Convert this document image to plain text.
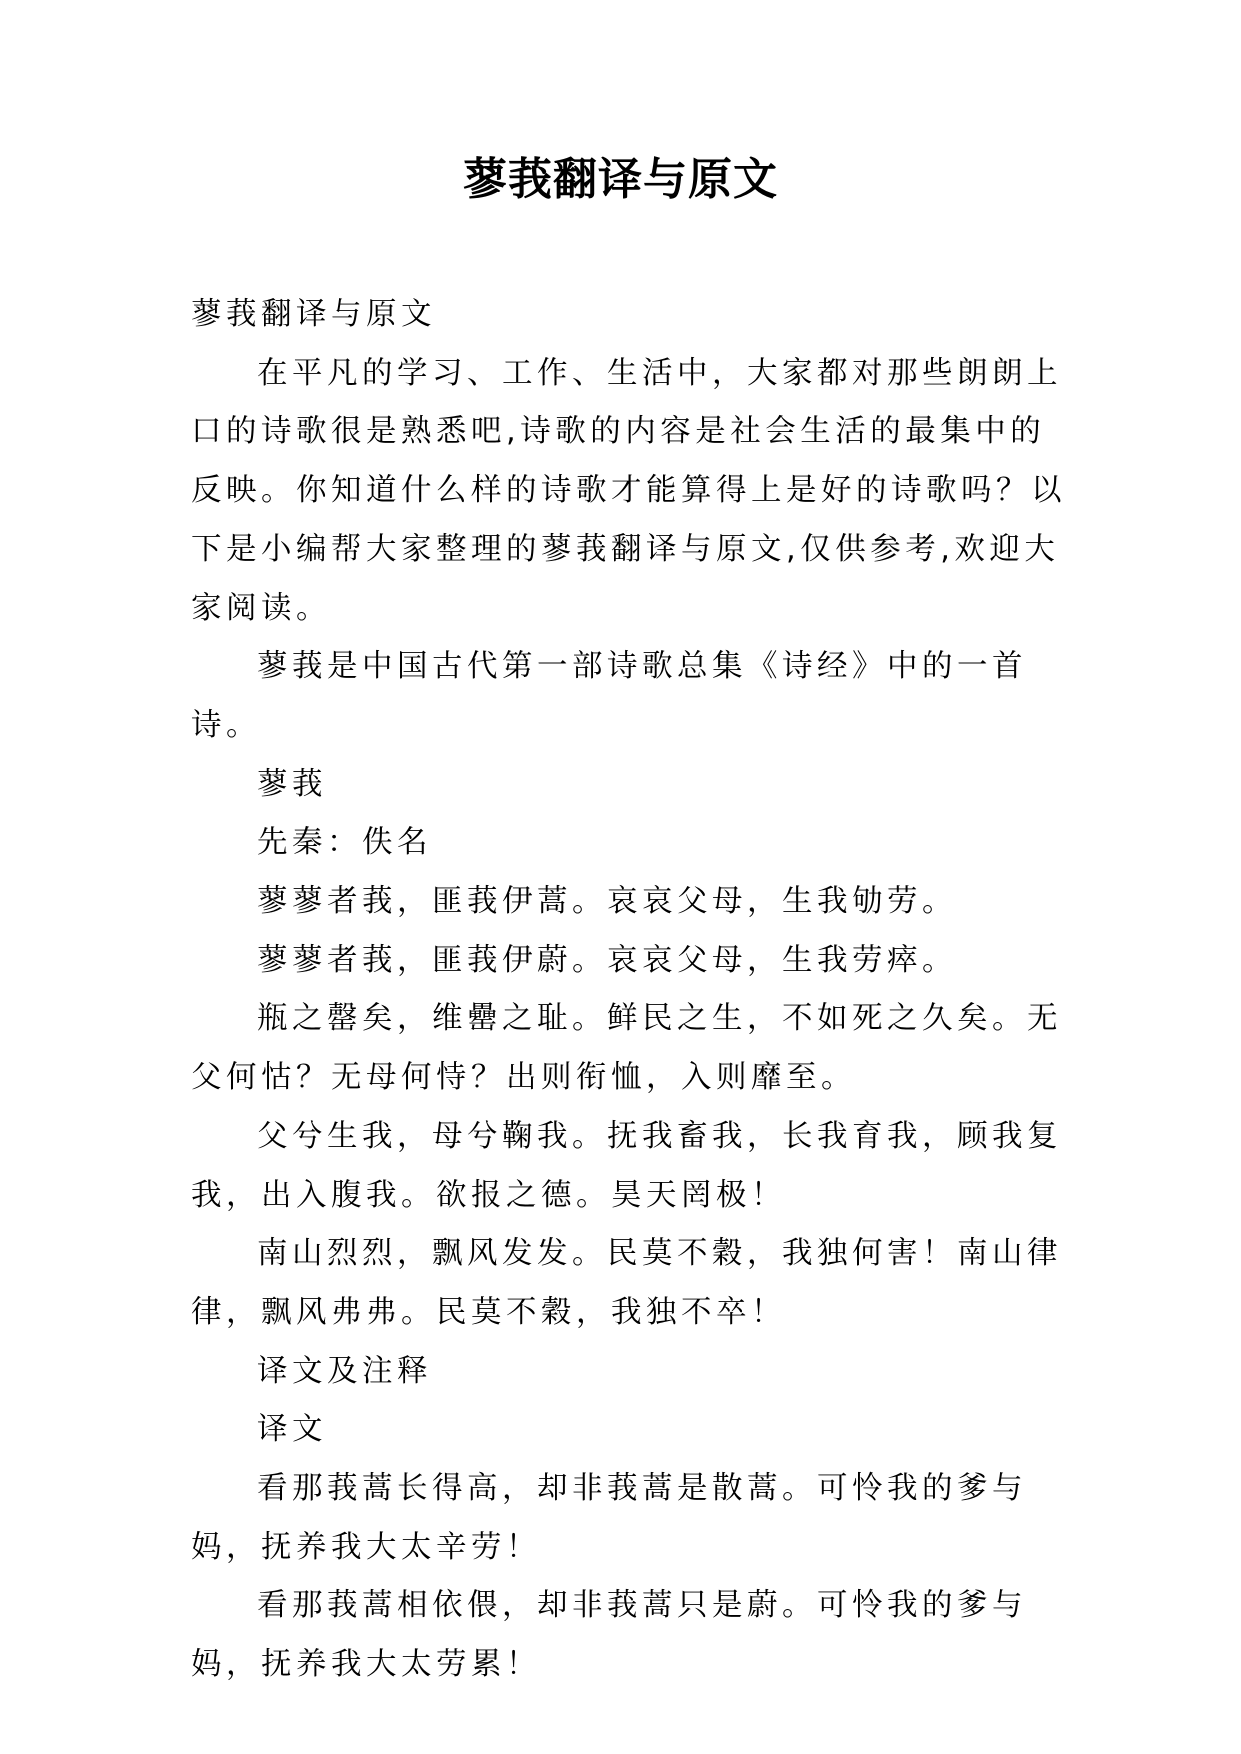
蓼莪翻译与原文

蓼莪翻译与原文

在平凡的学习、工作、生活中，大家都对那些朗朗上口的诗歌很是熟悉吧,诗歌的内容是社会生活的最集中的反映。你知道什么样的诗歌才能算得上是好的诗歌吗？以下是小编帮大家整理的蓼莪翻译与原文,仅供参考,欢迎大家阅读。

蓼莪是中国古代第一部诗歌总集《诗经》中的一首诗。

蓼莪

先秦：佚名

蓼蓼者莪，匪莪伊蒿。哀哀父母，生我劬劳。

蓼蓼者莪，匪莪伊蔚。哀哀父母，生我劳瘁。

瓶之罄矣，维罍之耻。鲜民之生，不如死之久矣。无父何怙？无母何恃？出则衔恤，入则靡至。

父兮生我，母兮鞠我。抚我畜我，长我育我，顾我复我，出入腹我。欲报之德。昊天罔极！

南山烈烈，飘风发发。民莫不穀，我独何害！南山律律，飘风弗弗。民莫不穀，我独不卒！

译文及注释

译文

看那莪蒿长得高，却非莪蒿是散蒿。可怜我的爹与妈，抚养我大太辛劳！

看那莪蒿相依偎，却非莪蒿只是蔚。可怜我的爹与妈，抚养我大太劳累！
